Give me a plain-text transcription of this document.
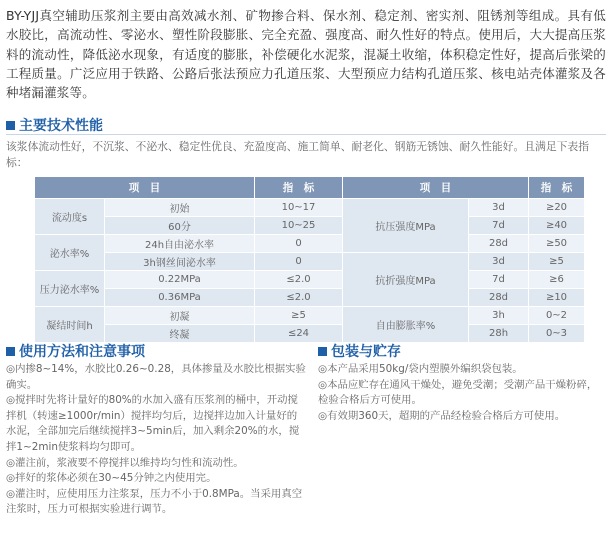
BY-YJJ真空辅助压浆剂主要由高效减水剂、矿物掺合料、保水剂、稳定剂、密实剂、阻锈剂等组成。具有低水胶比，高流动性、零泌水、塑性阶段膨胀、完全充盈、强度高、耐久性好的特点。使用后，大大提高压浆料的流动性，降低泌水现象，有适度的膨胀，补偿硬化水泥浆，混凝土收缩，体积稳定性好，提高后张梁的工程质量。广泛应用于铁路、公路后张法预应力孔道压浆、大型预应力结构孔道压浆、核电站壳体灌浆及各种堵漏灌浆等。
主要技术性能
该浆体流动性好，不沉浆、不泌水、稳定性优良、充盈度高、施工简单、耐老化、钢筋无锈蚀、耐久性能好。且满足下表指标：
项　目		指　标	项　目		指　标
流动度s	初始	10~17	抗压强度MPa	3d	≥20
	60分	10~25		7d	≥40
泌水率%	24h自由泌水率	0		28d	≥50
	3h钢丝间泌水率	0	抗折强度MPa	3d	≥5
压力泌水率%	0.22MPa	≤2.0		7d	≥6
	0.36MPa	≤2.0		28d	≥10
凝结时间h	初凝	≥5	自由膨胀率%	3h	0~2
	终凝	≤24		28h	0~3
使用方法和注意事项

◎内掺8~14%，水胶比0.26~0.28，具体掺量及水胶比根据实验确实。

◎搅拌时先将计量好的80%的水加入盛有压浆剂的桶中，开动搅拌机（转速≥1000r/min）搅拌均匀后，边搅拌边加入计量好的水泥，全部加完后继续搅拌3~5min后，加入剩余20%的水，搅拌1~2min使浆料均匀即可。

◎灌注前，浆液要不停搅拌以维持均匀性和流动性。

◎拌好的浆体必须在30~45分钟之内使用完。

◎灌注时，应使用压力注浆泵，压力不小于0.8MPa。当采用真空注浆时，压力可根据实验进行调节。

包装与贮存

◎本产品采用50kg/袋内塑膜外编织袋包装。

◎本品应贮存在通风干燥处，避免受潮；受潮产品干燥粉碎，检验合格后方可使用。

◎有效期360天，超期的产品经检验合格后方可使用。
